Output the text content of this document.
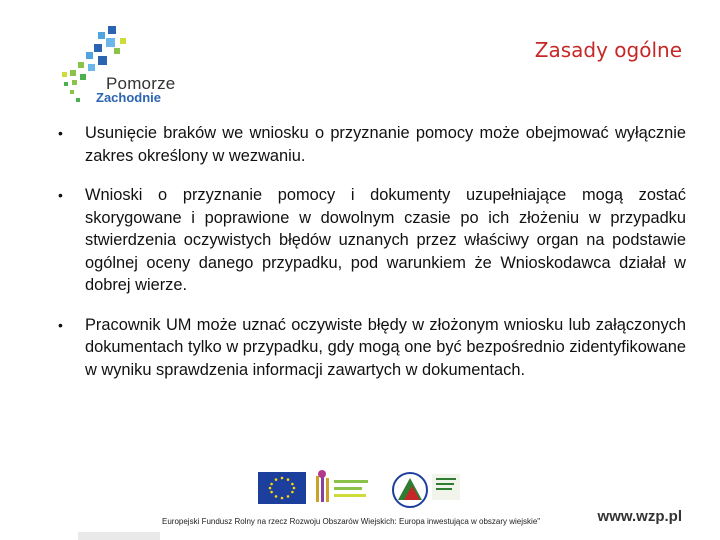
Pomorze
Zachodnie
Zasady ogólne
• Usunięcie braków we wniosku o przyznanie pomocy może obejmować wyłącznie zakres określony w wezwaniu.
• Wnioski o przyznanie pomocy i dokumenty uzupełniające mogą zostać skorygowane i poprawione w dowolnym czasie po ich złożeniu w przypadku stwierdzenia oczywistych błędów uznanych przez właściwy organ na podstawie ogólnej oceny danego przypadku, pod warunkiem że Wnioskodawca działał w dobrej wierze.
• Pracownik UM może uznać oczywiste błędy w złożonym wniosku lub załączonych dokumentach tylko w przypadku, gdy mogą one być bezpośrednio zidentyfikowane w wyniku sprawdzenia informacji zawartych w dokumentach.
Europejski Fundusz Rolny na rzecz Rozwoju Obszarów Wiejskich: Europa inwestująca w obszary wiejskie"	www.wzp.pl
